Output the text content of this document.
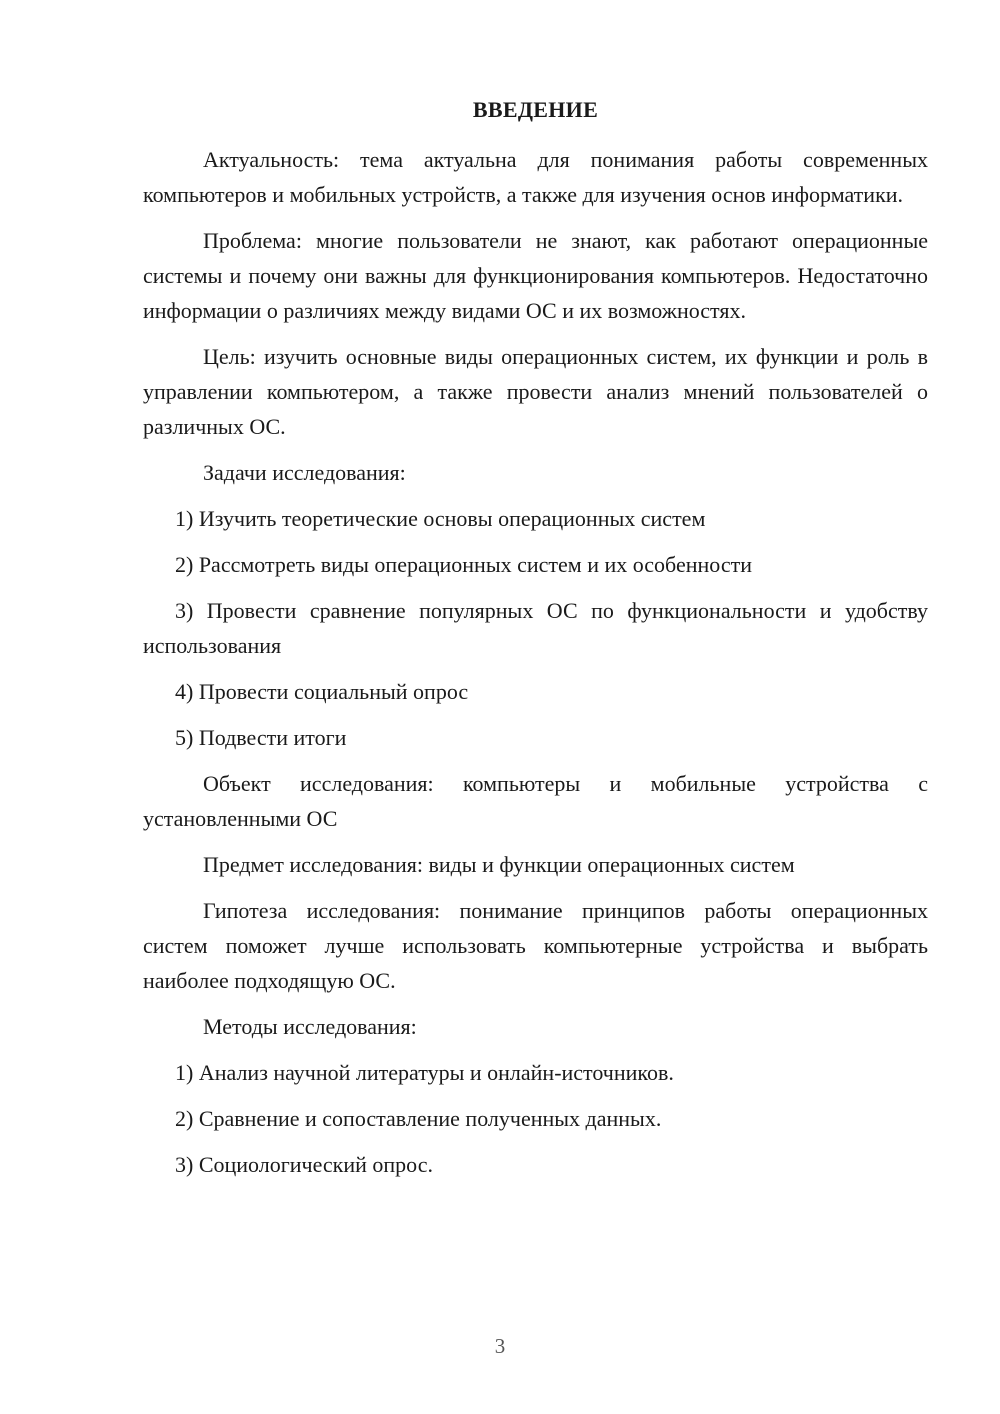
ВВЕДЕНИЕ

Актуальность: тема актуальна для понимания работы современных компьютеров и мобильных устройств, а также для изучения основ информатики.

Проблема: многие пользователи не знают, как работают операционные системы и почему они важны для функционирования компьютеров. Недостаточно информации о различиях между видами ОС и их возможностях.

Цель: изучить основные виды операционных систем, их функции и роль в управлении компьютером, а также провести анализ мнений пользователей о различных ОС.

Задачи исследования:

1) Изучить теоретические основы операционных систем

2) Рассмотреть виды операционных систем и их особенности

3) Провести сравнение популярных ОС по функциональности и удобству использования

4) Провести социальный опрос

5) Подвести итоги

Объект исследования: компьютеры и мобильные устройства с установленными ОС

Предмет исследования: виды и функции операционных систем

Гипотеза исследования: понимание принципов работы операционных систем поможет лучше использовать компьютерные устройства и выбрать наиболее подходящую ОС.

Методы исследования:

1) Анализ научной литературы и онлайн-источников.

2) Сравнение и сопоставление полученных данных.

3) Социологический опрос.

3
